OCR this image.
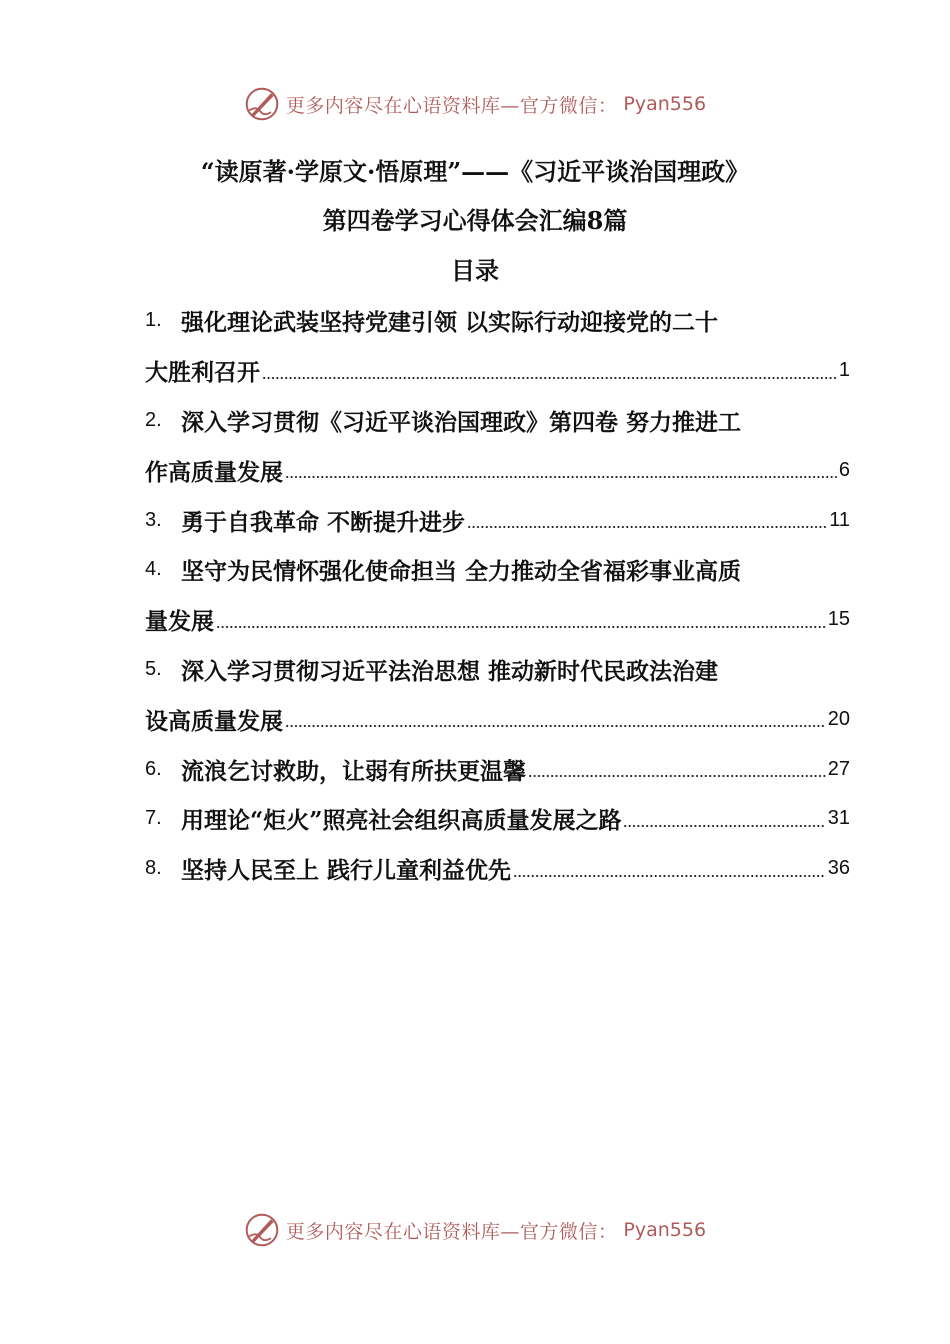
更多内容尽在心语资料库—官方微信： Pyan556
“读原著·学原文·悟原理”——《习近平谈治国理政》
第四卷学习心得体会汇编8篇
目录
1. 强化理论武装坚持党建引领 以实际行动迎接党的二十
大胜利召开	1
2. 深入学习贯彻《习近平谈治国理政》第四卷 努力推进工
作高质量发展	6
3. 勇于自我革命 不断提升进步	11
4. 坚守为民情怀强化使命担当 全力推动全省福彩事业高质
量发展	15
5. 深入学习贯彻习近平法治思想 推动新时代民政法治建
设高质量发展	20
6. 流浪乞讨救助，让弱有所扶更温馨	27
7. 用理论“炬火”照亮社会组织高质量发展之路	31
8. 坚持人民至上 践行儿童利益优先	36
更多内容尽在心语资料库—官方微信： Pyan556
